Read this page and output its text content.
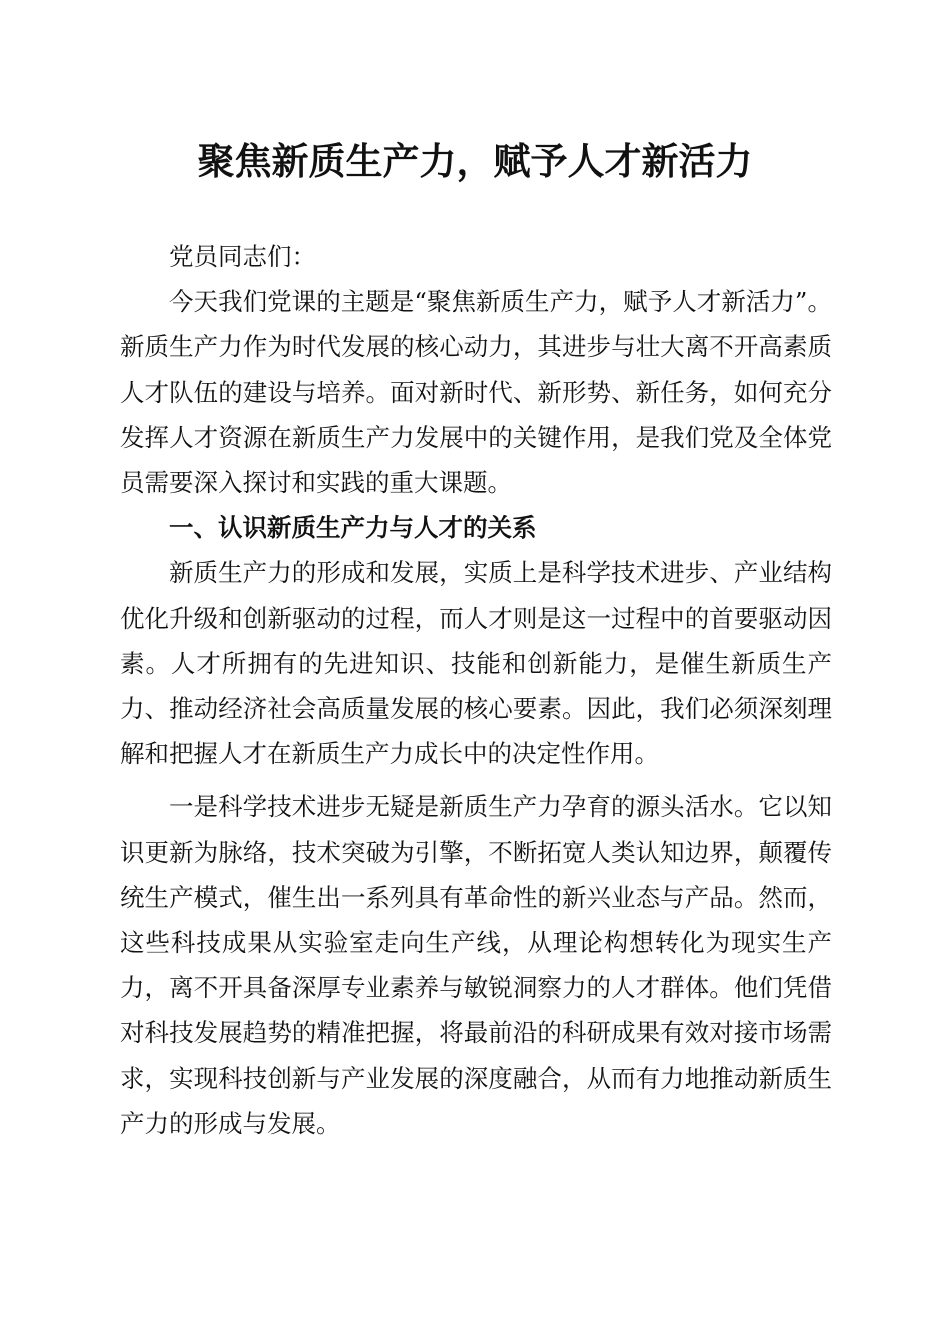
聚焦新质生产力，赋予人才新活力

党员同志们：

今天我们党课的主题是“聚焦新质生产力，赋予人才新活力”。新质生产力作为时代发展的核心动力，其进步与壮大离不开高素质人才队伍的建设与培养。面对新时代、新形势、新任务，如何充分发挥人才资源在新质生产力发展中的关键作用，是我们党及全体党员需要深入探讨和实践的重大课题。

一、认识新质生产力与人才的关系

新质生产力的形成和发展，实质上是科学技术进步、产业结构优化升级和创新驱动的过程，而人才则是这一过程中的首要驱动因素。人才所拥有的先进知识、技能和创新能力，是催生新质生产力、推动经济社会高质量发展的核心要素。因此，我们必须深刻理解和把握人才在新质生产力成长中的决定性作用。

一是科学技术进步无疑是新质生产力孕育的源头活水。它以知识更新为脉络，技术突破为引擎，不断拓宽人类认知边界，颠覆传统生产模式，催生出一系列具有革命性的新兴业态与产品。然而，这些科技成果从实验室走向生产线，从理论构想转化为现实生产力，离不开具备深厚专业素养与敏锐洞察力的人才群体。他们凭借对科技发展趋势的精准把握，将最前沿的科研成果有效对接市场需求，实现科技创新与产业发展的深度融合，从而有力地推动新质生产力的形成与发展。
